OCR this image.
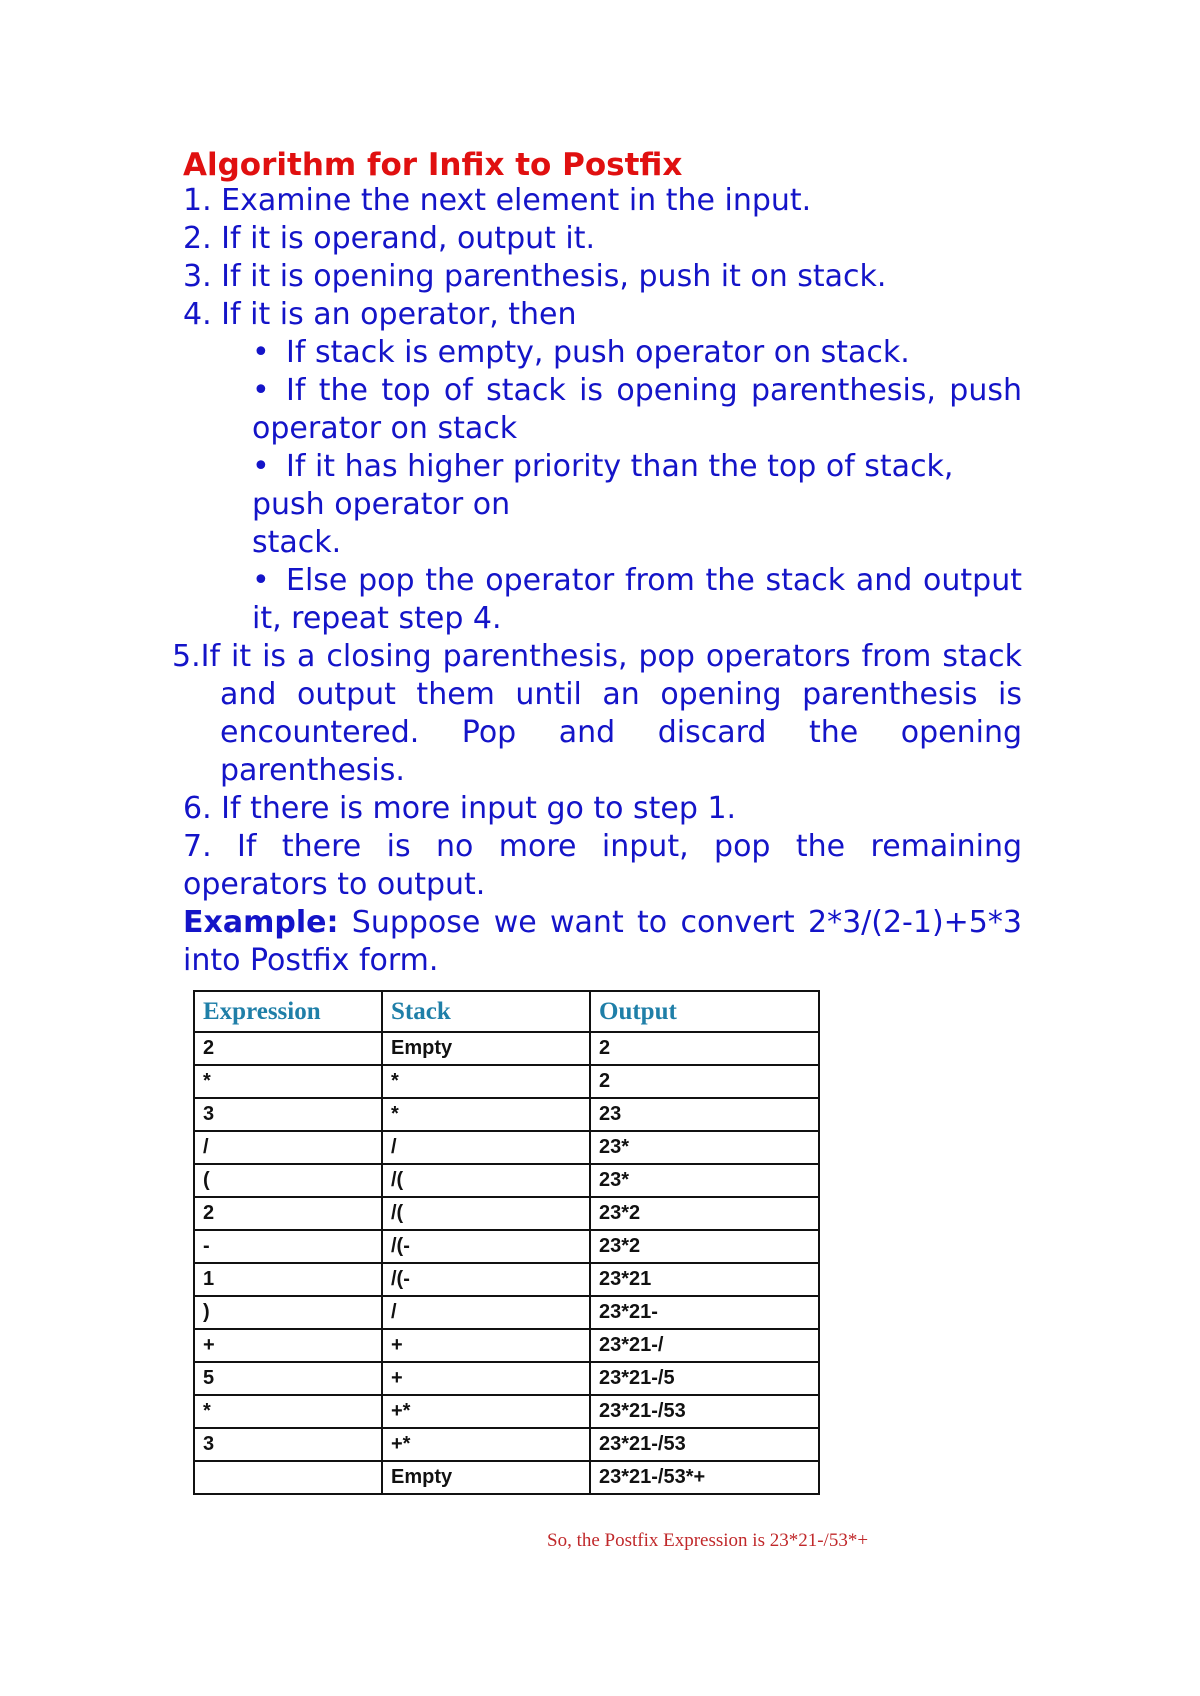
Algorithm for Infix to Postfix

1. Examine the next element in the input.

2. If it is operand, output it.

3. If it is opening parenthesis, push it on stack.

4. If it is an operator, then

• If stack is empty, push operator on stack.

• If the top of stack is opening parenthesis, push operator on stack

• If it has higher priority than the top of stack,

push operator on

stack.

• Else pop the operator from the stack and output it, repeat step 4.

5.If it is a closing parenthesis, pop operators from stack and output them until an opening parenthesis is encountered. Pop and discard the opening parenthesis.

6. If there is more input go to step 1.

7. If there is no more input, pop the remaining operators to output.

Example: Suppose we want to convert 2*3/(2-1)+5*3 into Postfix form.

Expression	Stack	Output
2	Empty	2
*	*	2
3	*	23
/	/	23*
(	/(	23*
2	/(	23*2
-	/(-	23*2
1	/(-	23*21
)	/	23*21-
+	+	23*21-/
5	+	23*21-/5
*	+*	23*21-/53
3	+*	23*21-/53
	Empty	23*21-/53*+
So, the Postfix Expression is 23*21-/53*+
